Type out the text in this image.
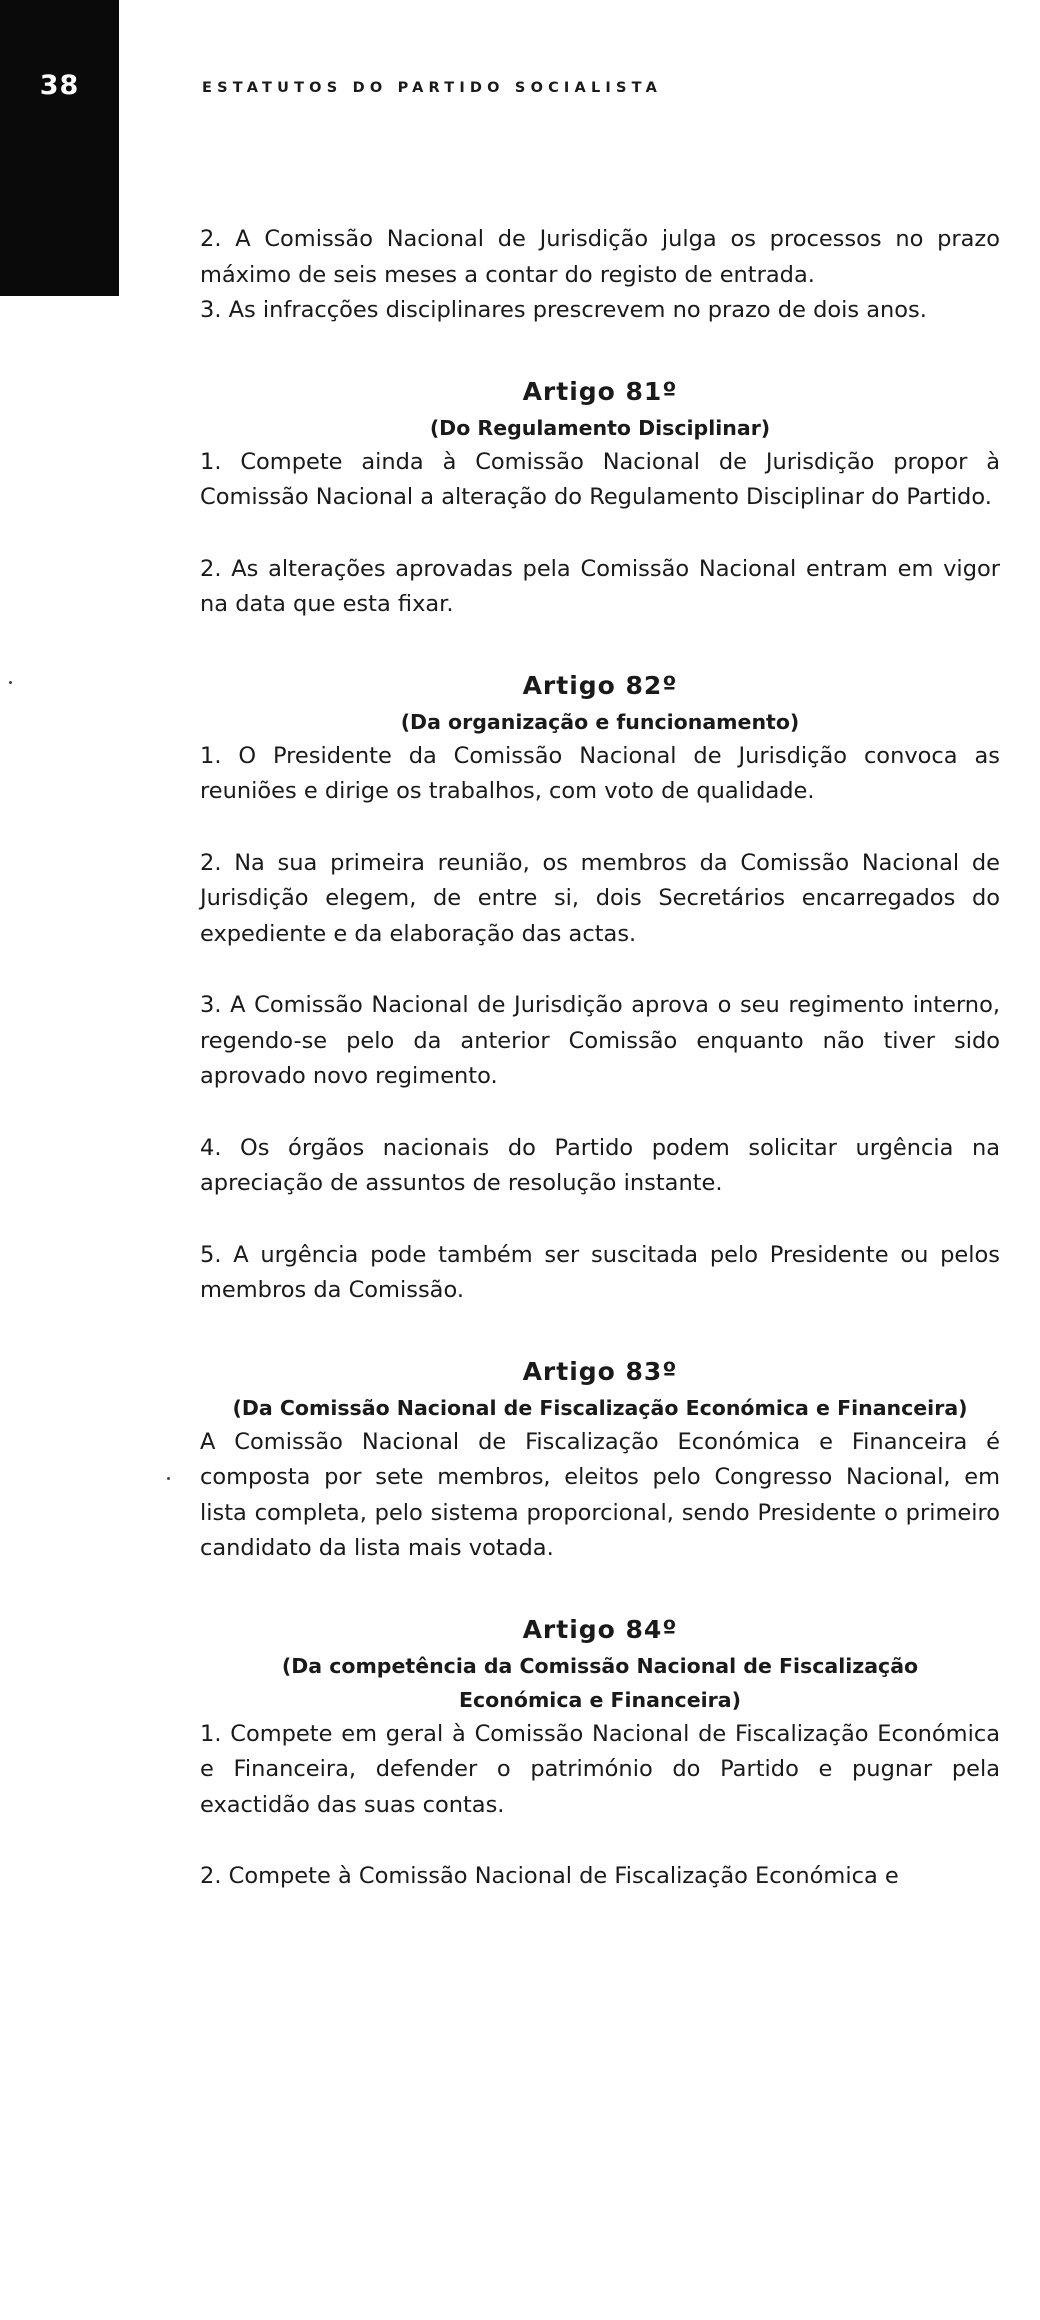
38	ESTATUTOS DO PARTIDO SOCIALISTA

2. A Comissão Nacional de Jurisdição julga os processos no prazo máximo de seis meses a contar do registo de entrada.

3. As infracções disciplinares prescrevem no prazo de dois anos.

Artigo 81º
(Do Regulamento Disciplinar)

1. Compete ainda à Comissão Nacional de Jurisdição propor à Comissão Nacional a alteração do Regulamento Disciplinar do Partido.

2. As alterações aprovadas pela Comissão Nacional entram em vigor na data que esta fixar.

Artigo 82º
(Da organização e funcionamento)

1. O Presidente da Comissão Nacional de Jurisdição convoca as reuniões e dirige os trabalhos, com voto de qualidade.

2. Na sua primeira reunião, os membros da Comissão Nacional de Jurisdição elegem, de entre si, dois Secretários encarregados do expediente e da elaboração das actas.

3. A Comissão Nacional de Jurisdição aprova o seu regimento interno, regendo-se pelo da anterior Comissão enquanto não tiver sido aprovado novo regimento.

4. Os órgãos nacionais do Partido podem solicitar urgência na apreciação de assuntos de resolução instante.

5. A urgência pode também ser suscitada pelo Presidente ou pelos membros da Comissão.

Artigo 83º
(Da Comissão Nacional de Fiscalização Económica e Financeira)

A Comissão Nacional de Fiscalização Económica e Financeira é composta por sete membros, eleitos pelo Congresso Nacional, em lista completa, pelo sistema proporcional, sendo Presidente o primeiro candidato da lista mais votada.

Artigo 84º
(Da competência da Comissão Nacional de Fiscalização Económica e Financeira)

1. Compete em geral à Comissão Nacional de Fiscalização Económica e Financeira, defender o património do Partido e pugnar pela exactidão das suas contas.

2. Compete à Comissão Nacional de Fiscalização Económica e
